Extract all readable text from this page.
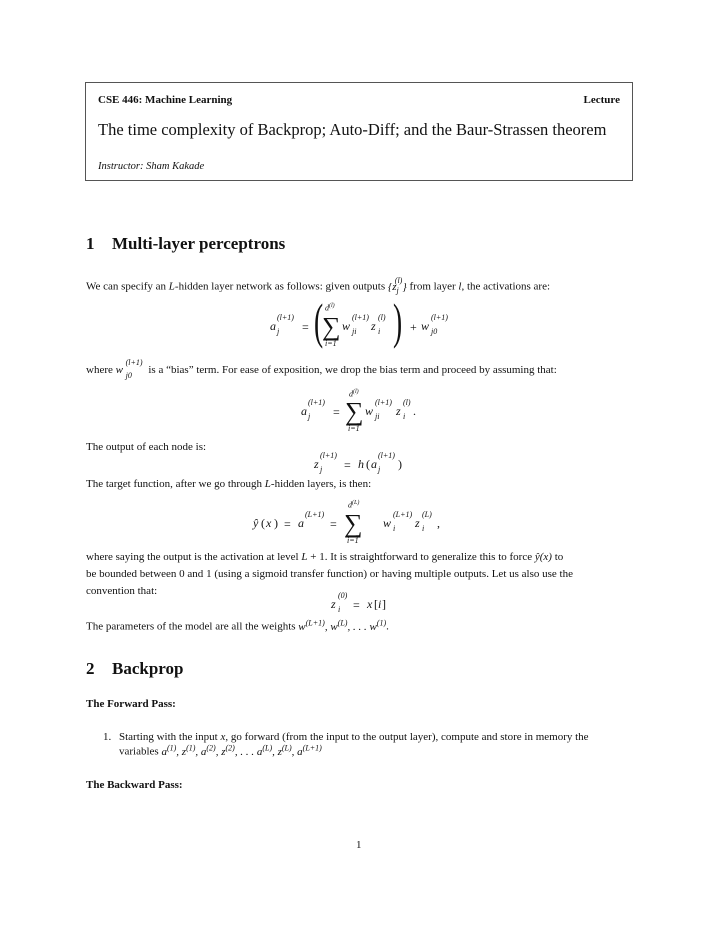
CSE 446: Machine Learning	Lecture
The time complexity of Backprop; Auto-Diff; and the Baur-Strassen theorem
Instructor: Sham Kakade
1 Multi-layer perceptrons
We can specify an L-hidden layer network as follows: given outputs $\{z_j^{(l)}\}$ from layer l, the activations are:
a
(l+1)
j = ( $d^{(l)}$
∑
i=1
w
(l+1)
ji z
(l)
i ) + w
(l+1)
j0
where w
(l+1)
j0 is a “bias” term. For ease of exposition, we drop the bias term and proceed by assuming that:
a
(l+1)
j =
$d^{(l)}$
∑
i=1
w
(l+1)
ji z
(l)
i .
The output of each node is:
z
(l+1)
j = h ( a
(l+1)
j )
The target function, after we go through L-hidden layers, is then:
ŷ ( x ) = a
(L+1)
=
$d^{(L)}$
∑
i=1
w
(L+1)
i z
(L)
i ,
where saying the output is the activation at level L + 1. It is straightforward to generalize this to force ŷ(x) to
be bounded between 0 and 1 (using a sigmoid transfer function) or having multiple outputs. Let us also use the
convention that:
z
(0)
i = x [ i ]
The parameters of the model are all the weights $w^{(L+1)}$, $w^{(L)}$, . . . $w^{(1)}$.
2 Backprop
The Forward Pass:
1. Starting with the input x, go forward (from the input to the output layer), compute and store in memory the
variables $a^{(1)}$, $z^{(1)}$, $a^{(2)}$, $z^{(2)}$, . . . $a^{(L)}$, $z^{(L)}$, $a^{(L+1)}$
The Backward Pass:
1
